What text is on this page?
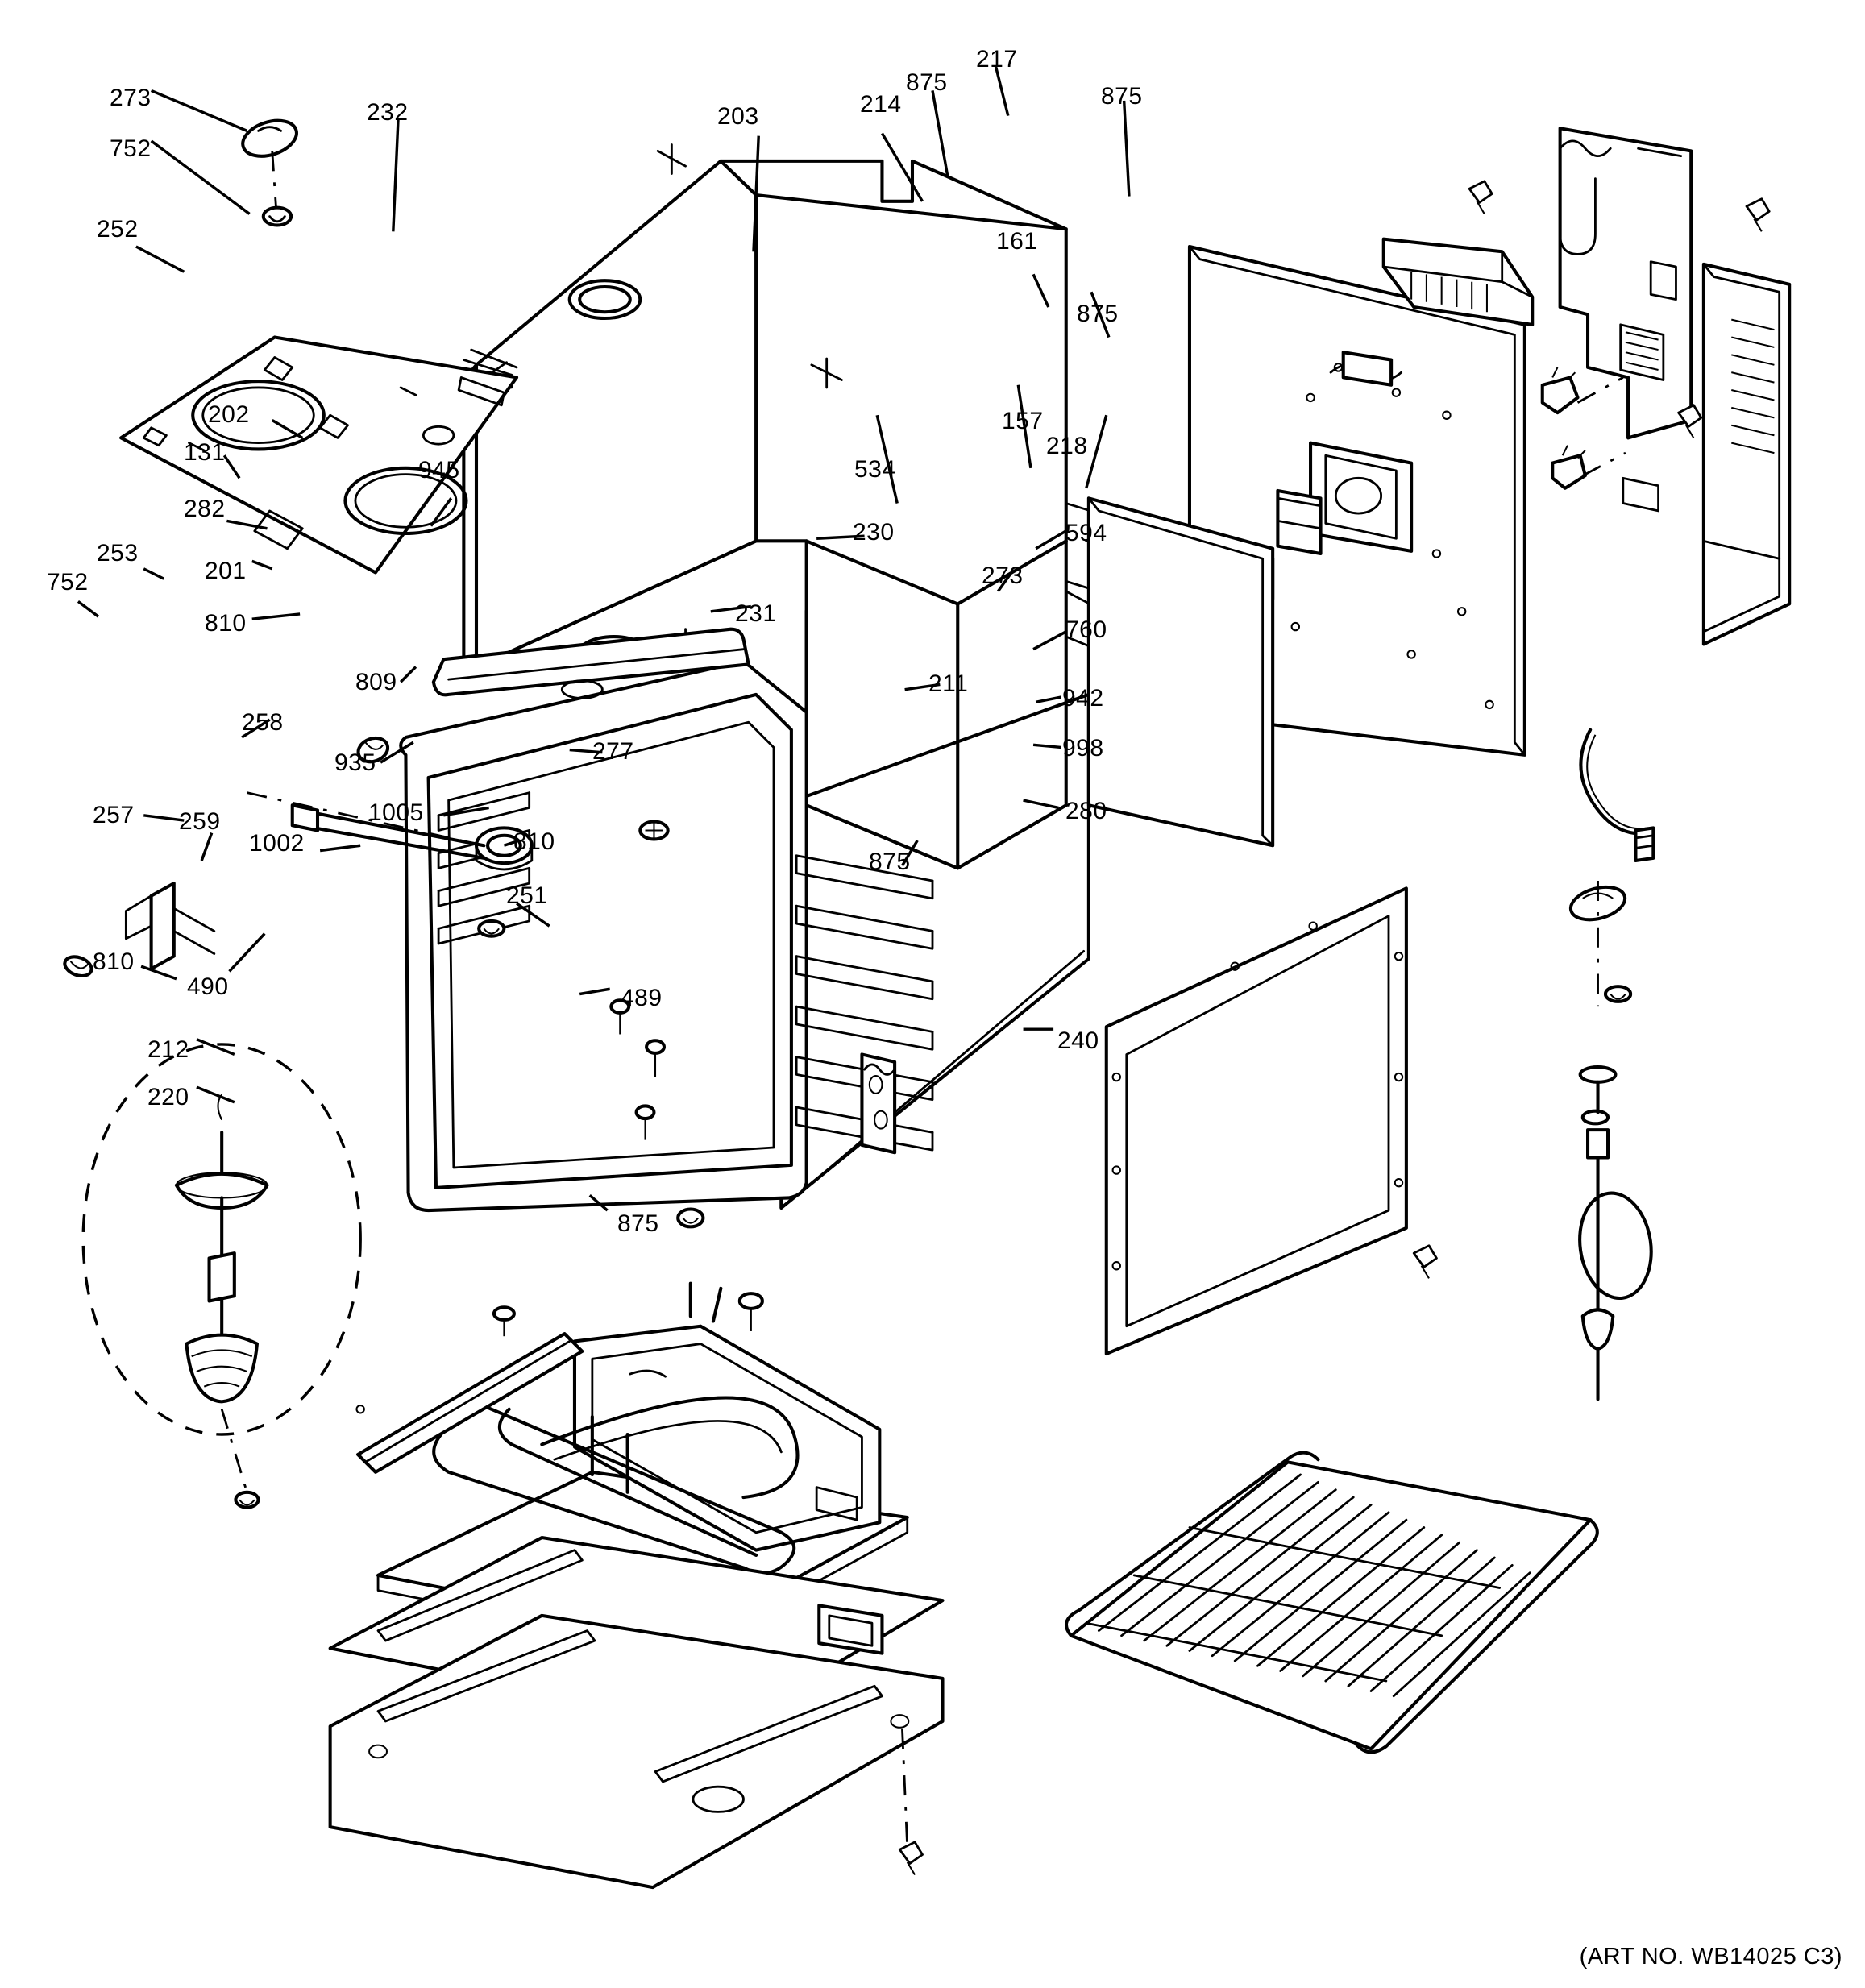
273
752
232	203	214
875
217
875
252	161
875
157
218
534
202
131
945
282
253
230	594
752	201	273
810	231
760
809
942
211
258
277	998
935
257 259	1005	280
1002	810
875
251
810
490	489
240
212
220
875
(ART NO. WB14025 C3)
